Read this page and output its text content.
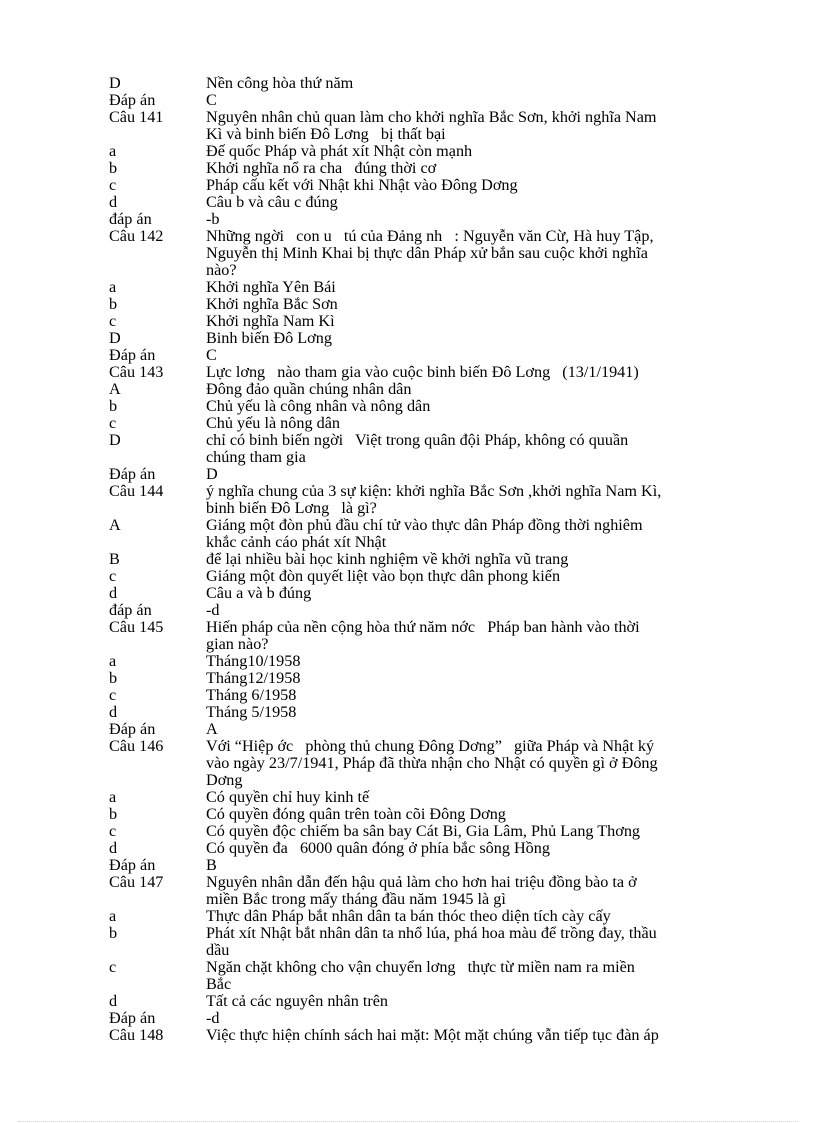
D	Nền công hòa thứ năm
Đáp án	C
Câu 141	Nguyên nhân chủ quan làm cho khởi nghĩa Bắc Sơn, khởi nghĩa Nam
Kì và binh biến Đô Lơng   bị thất bại
a	Đế quốc Pháp và phát xít Nhật còn mạnh
b	Khởi nghĩa nổ ra cha   đúng thời cơ
c	Pháp cấu kết với Nhật khi Nhật vào Đông Dơng
d	Câu b và câu c đúng
đáp án	-b
Câu 142	Những ngời   con u   tú của Đảng nh   : Nguyễn văn Cừ, Hà huy Tập,
Nguyễn thị Minh Khai bị thực dân Pháp xử bắn sau cuộc khởi nghĩa
nào?
a	Khởi nghĩa Yên Bái
b	Khởi nghĩa Bắc Sơn
c	Khởi nghĩa Nam Kì
D	Binh biến Đô Lơng
Đáp án	C
Câu 143	Lực lơng   nào tham gia vào cuộc binh biến Đô Lơng   (13/1/1941)
A	Đông đảo quần chúng nhân dân
b	Chủ yếu là công nhân và nông dân
c	Chủ yếu là nông dân
D	chỉ có binh biến ngời   Việt trong quân đội Pháp, không có quuần
chúng tham gia
Đáp án	D
Câu 144	ý nghĩa chung của 3 sự kiện: khởi nghĩa Bắc Sơn ,khởi nghĩa Nam Kì,
binh biến Đô Lơng   là gì?
A	Giáng một đòn phủ đầu chí tử vào thực dân Pháp đồng thời nghiêm
khắc cảnh cáo phát xít Nhật
B	để lại nhiều bài học kinh nghiệm về khởi nghĩa vũ trang
c	Giáng một đòn quyết liệt vào bọn thực dân phong kiến
d	Câu a và b đúng
đáp án	-d
Câu 145	Hiến pháp của nền cộng hòa thứ năm nớc   Pháp ban hành vào thời
gian nào?
a	Tháng10/1958
b	Tháng12/1958
c	Tháng 6/1958
d	Tháng 5/1958
Đáp án	A
Câu 146	Với “Hiệp ớc   phòng thủ chung Đông Dơng”   giữa Pháp và Nhật ký
vào ngày 23/7/1941, Pháp đã thừa nhận cho Nhật có quyền gì ở Đông
Dơng
a	Có quyền chỉ huy kinh tế
b	Có quyền đóng quân trên toàn cõi Đông Dơng
c	Có quyền độc chiếm ba sân bay Cát Bi, Gia Lâm, Phủ Lang Thơng
d	Có quyền đa   6000 quân đóng ở phía bắc sông Hồng
Đáp án	B
Câu 147	Nguyên nhân dẫn đến hậu quả làm cho hơn hai triệu đồng bào ta ở
miền Bắc trong mấy tháng đầu năm 1945 là gì
a	Thực dân Pháp bắt nhân dân ta bán thóc theo diện tích cày cấy
b	Phát xít Nhật bắt nhân dân ta nhổ lúa, phá hoa màu để trồng đay, thầu
dầu
c	Ngăn chặt không cho vận chuyển lơng   thực từ miền nam ra miền
Bắc
d	Tất cả các nguyên nhân trên
Đáp án	-d
Câu 148	Việc thực hiện chính sách hai mặt: Một mặt chúng vẫn tiếp tục đàn áp
